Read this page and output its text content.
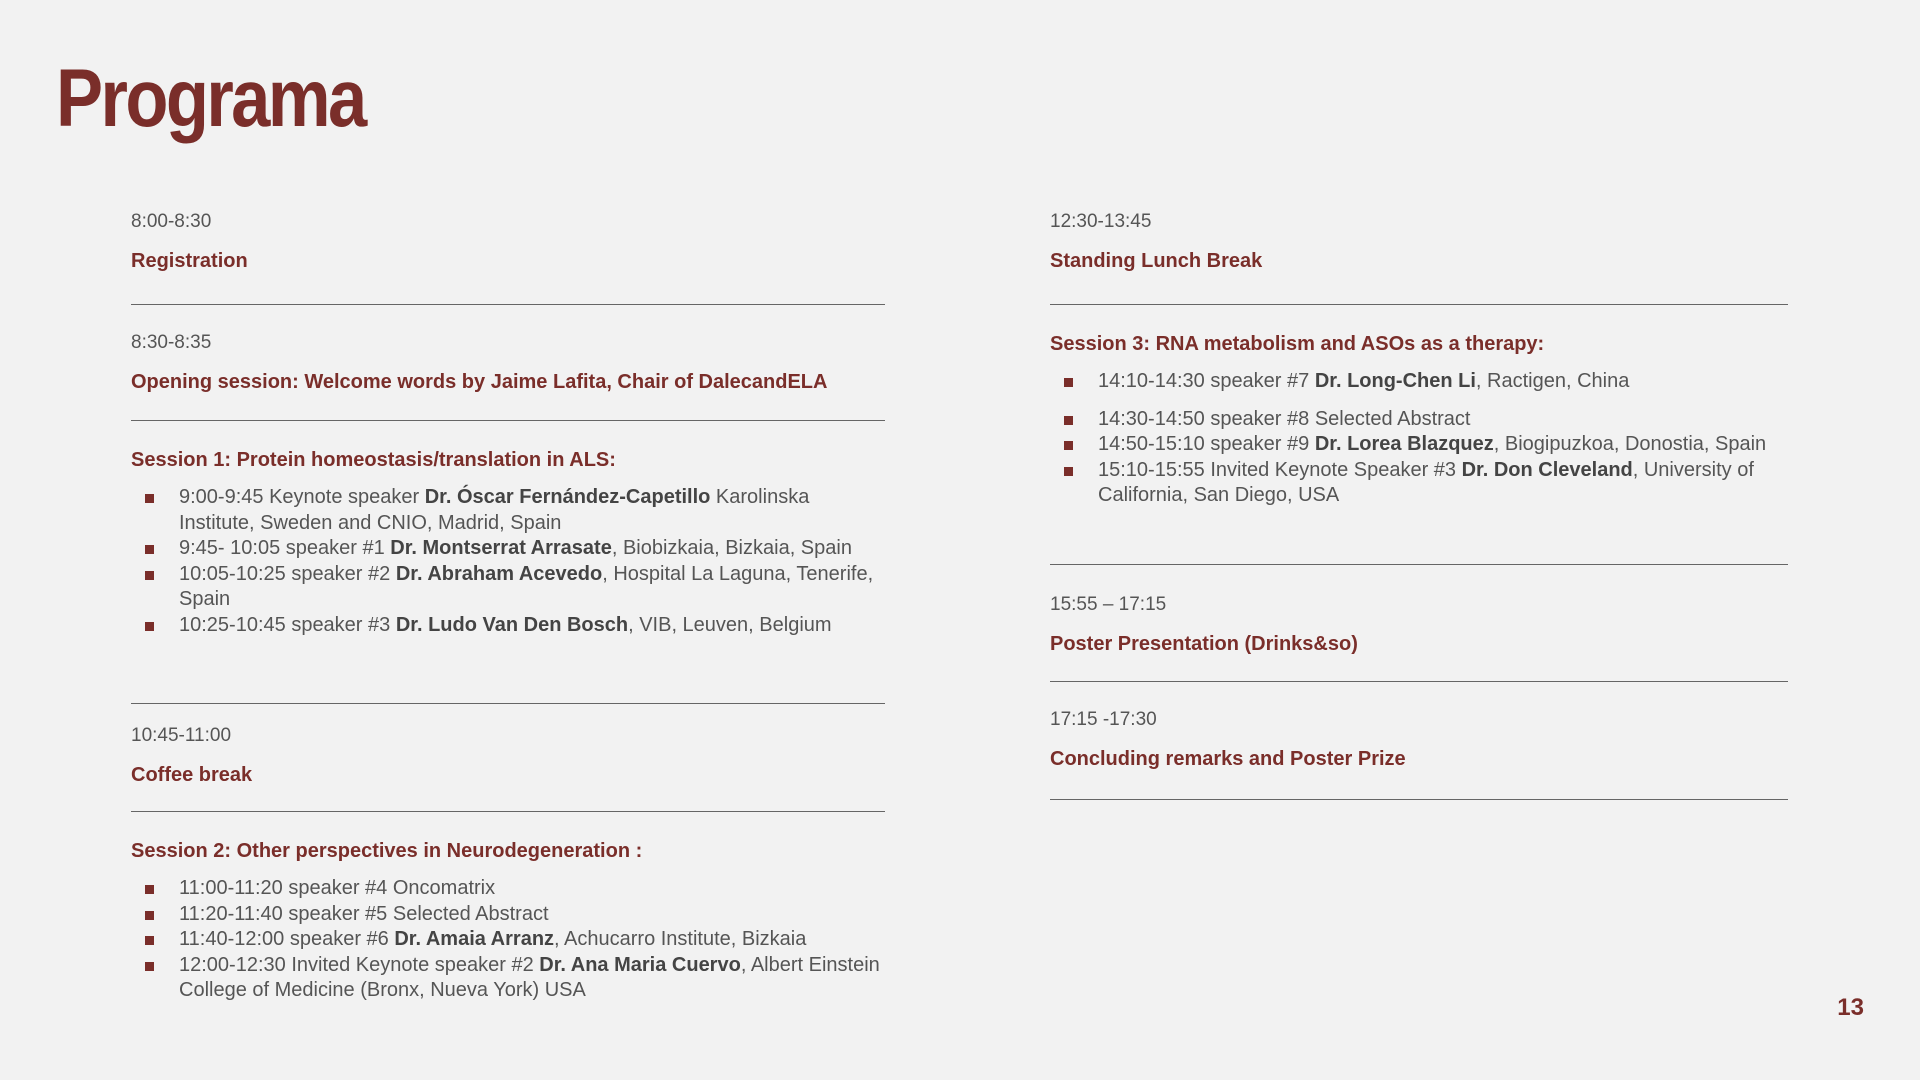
Programa
8:00-8:30
Registration
8:30-8:35
Opening session: Welcome words by Jaime Lafita, Chair of DalecandELA
Session 1: Protein homeostasis/translation in ALS:
9:00-9:45 Keynote speaker Dr. Óscar Fernández-Capetillo Karolinska Institute, Sweden and CNIO, Madrid, Spain
9:45- 10:05 speaker #1 Dr. Montserrat Arrasate, Biobizkaia, Bizkaia, Spain
10:05-10:25 speaker #2 Dr. Abraham Acevedo, Hospital La Laguna, Tenerife, Spain
10:25-10:45 speaker #3 Dr. Ludo Van Den Bosch, VIB, Leuven, Belgium
10:45-11:00
Coffee break
Session 2: Other perspectives in Neurodegeneration :
11:00-11:20 speaker #4 Oncomatrix
11:20-11:40 speaker #5 Selected Abstract
11:40-12:00 speaker #6 Dr. Amaia Arranz, Achucarro Institute, Bizkaia
12:00-12:30 Invited Keynote speaker #2 Dr. Ana Maria Cuervo, Albert Einstein College of Medicine (Bronx, Nueva York) USA
12:30-13:45
Standing Lunch Break
Session 3: RNA metabolism and ASOs as a therapy:
14:10-14:30 speaker #7 Dr. Long-Chen Li, Ractigen, China
14:30-14:50 speaker #8 Selected Abstract
14:50-15:10 speaker #9 Dr. Lorea Blazquez, Biogipuzkoa, Donostia, Spain
15:10-15:55 Invited Keynote Speaker #3 Dr. Don Cleveland, University of California, San Diego, USA
15:55 – 17:15
Poster Presentation (Drinks&so)
17:15 -17:30
Concluding remarks and Poster Prize
13
